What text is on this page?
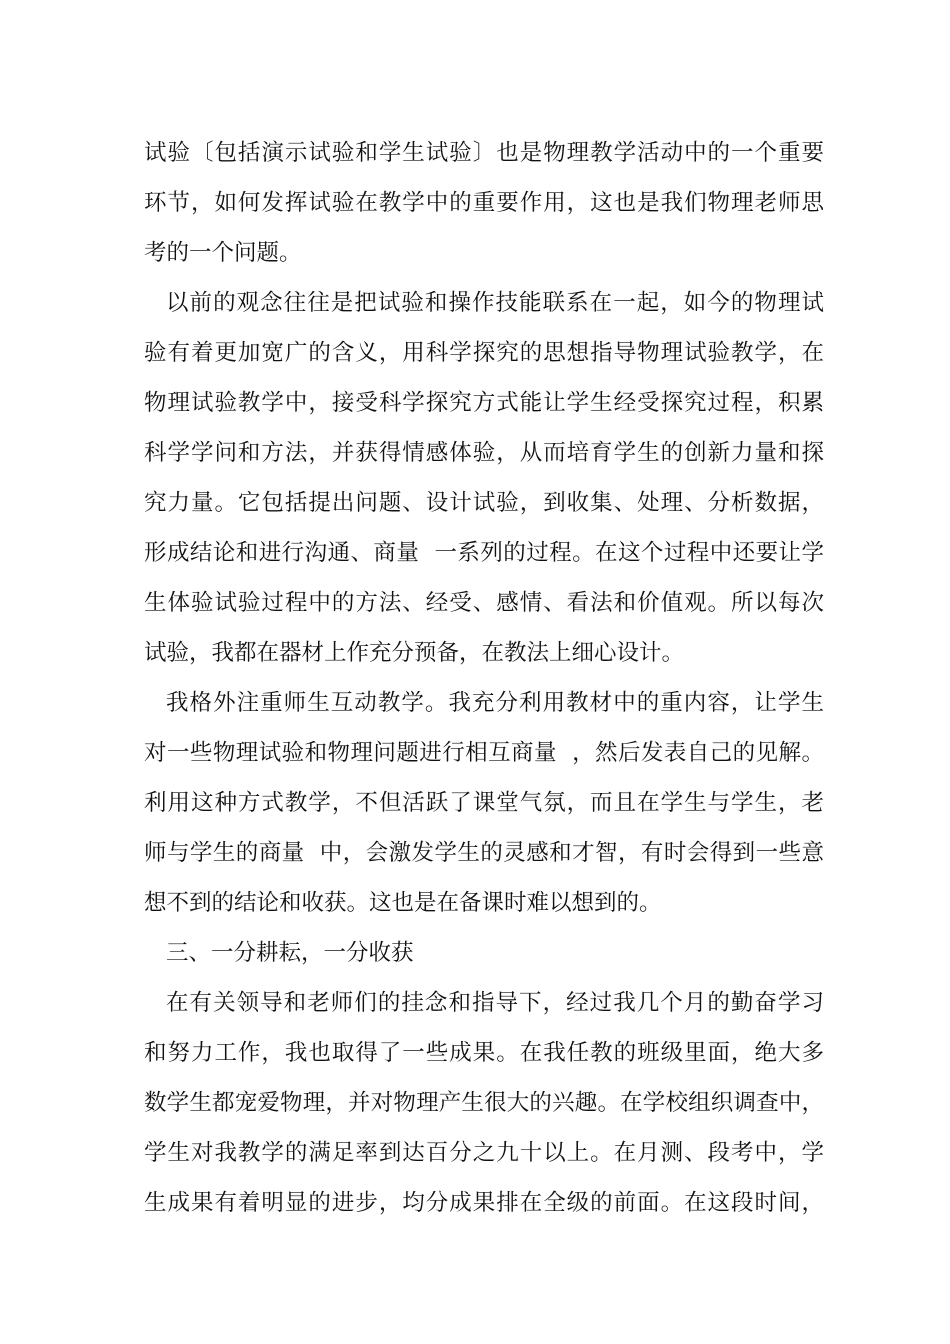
试验〔包括演示试验和学生试验〕也是物理教学活动中的一个重要
环节，如何发挥试验在教学中的重要作用，这也是我们物理老师思
考的一个问题。
以前的观念往往是把试验和操作技能联系在一起，如今的物理试
验有着更加宽广的含义，用科学探究的思想指导物理试验教学，在
物理试验教学中，接受科学探究方式能让学生经受探究过程，积累
科学学问和方法，并获得情感体验，从而培育学生的创新力量和探
究力量。它包括提出问题、设计试验，到收集、处理、分析数据，
形成结论和进行沟通、商量  一系列的过程。在这个过程中还要让学
生体验试验过程中的方法、经受、感情、看法和价值观。所以每次
试验，我都在器材上作充分预备，在教法上细心设计。
我格外注重师生互动教学。我充分利用教材中的重内容，让学生
对一些物理试验和物理问题进行相互商量  ，然后发表自己的见解。
利用这种方式教学，不但活跃了课堂气氛，而且在学生与学生，老
师与学生的商量  中，会激发学生的灵感和才智，有时会得到一些意
想不到的结论和收获。这也是在备课时难以想到的。
三、一分耕耘，一分收获
在有关领导和老师们的挂念和指导下，经过我几个月的勤奋学习
和努力工作，我也取得了一些成果。在我任教的班级里面，绝大多
数学生都宠爱物理，并对物理产生很大的兴趣。在学校组织调查中，
学生对我教学的满足率到达百分之九十以上。在月测、段考中，学
生成果有着明显的进步，均分成果排在全级的前面。在这段时间，
